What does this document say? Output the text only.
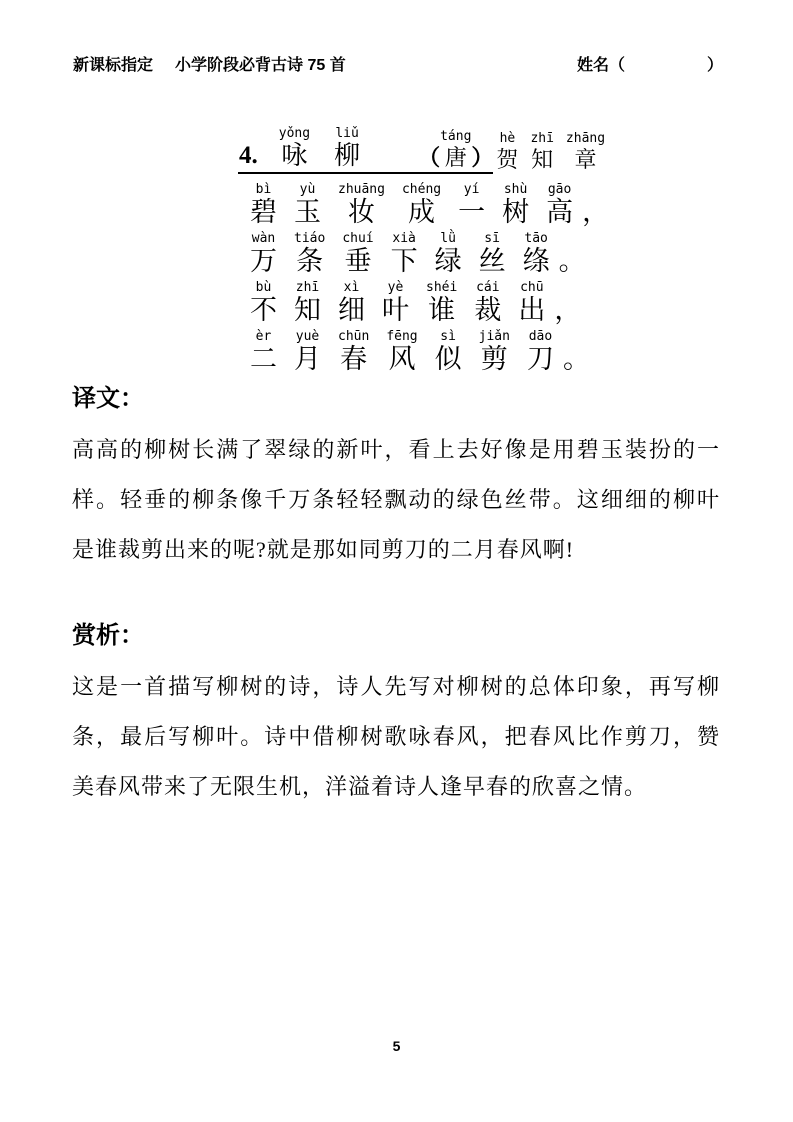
新课标指定 小学阶段必背古诗 75 首	姓名 （	）
4.
yǒng
咏
liǔ
柳	（
táng
唐 ）
hè
贺
zhī
知
zhāng
章
bì
碧
yù
玉
zhuāng
妆
chéng
成
yí
一
shù
树
gāo
高 ，
wàn
万
tiáo
条
chuí
垂
xià
下
lǜ
绿
sī
丝
tāo
绦 。
bù
不
zhī
知
xì
细
yè
叶
shéi
谁
cái
裁
chū
出 ，
èr
二
yuè
月
chūn
春
fēng
风
sì
似
jiǎn
剪
dāo
刀 。
译文：
高高的柳树长满了翠绿的新叶，看上去好像是用碧玉装扮的一
样。轻垂的柳条像千万条轻轻飘动的绿色丝带。这细细的柳叶
是谁裁剪出来的呢?就是那如同剪刀的二月春风啊!
赏析：
这是一首描写柳树的诗，诗人先写对柳树的总体印象，再写柳
条，最后写柳叶。诗中借柳树歌咏春风，把春风比作剪刀，赞
美春风带来了无限生机，洋溢着诗人逢早春的欣喜之情。
5
